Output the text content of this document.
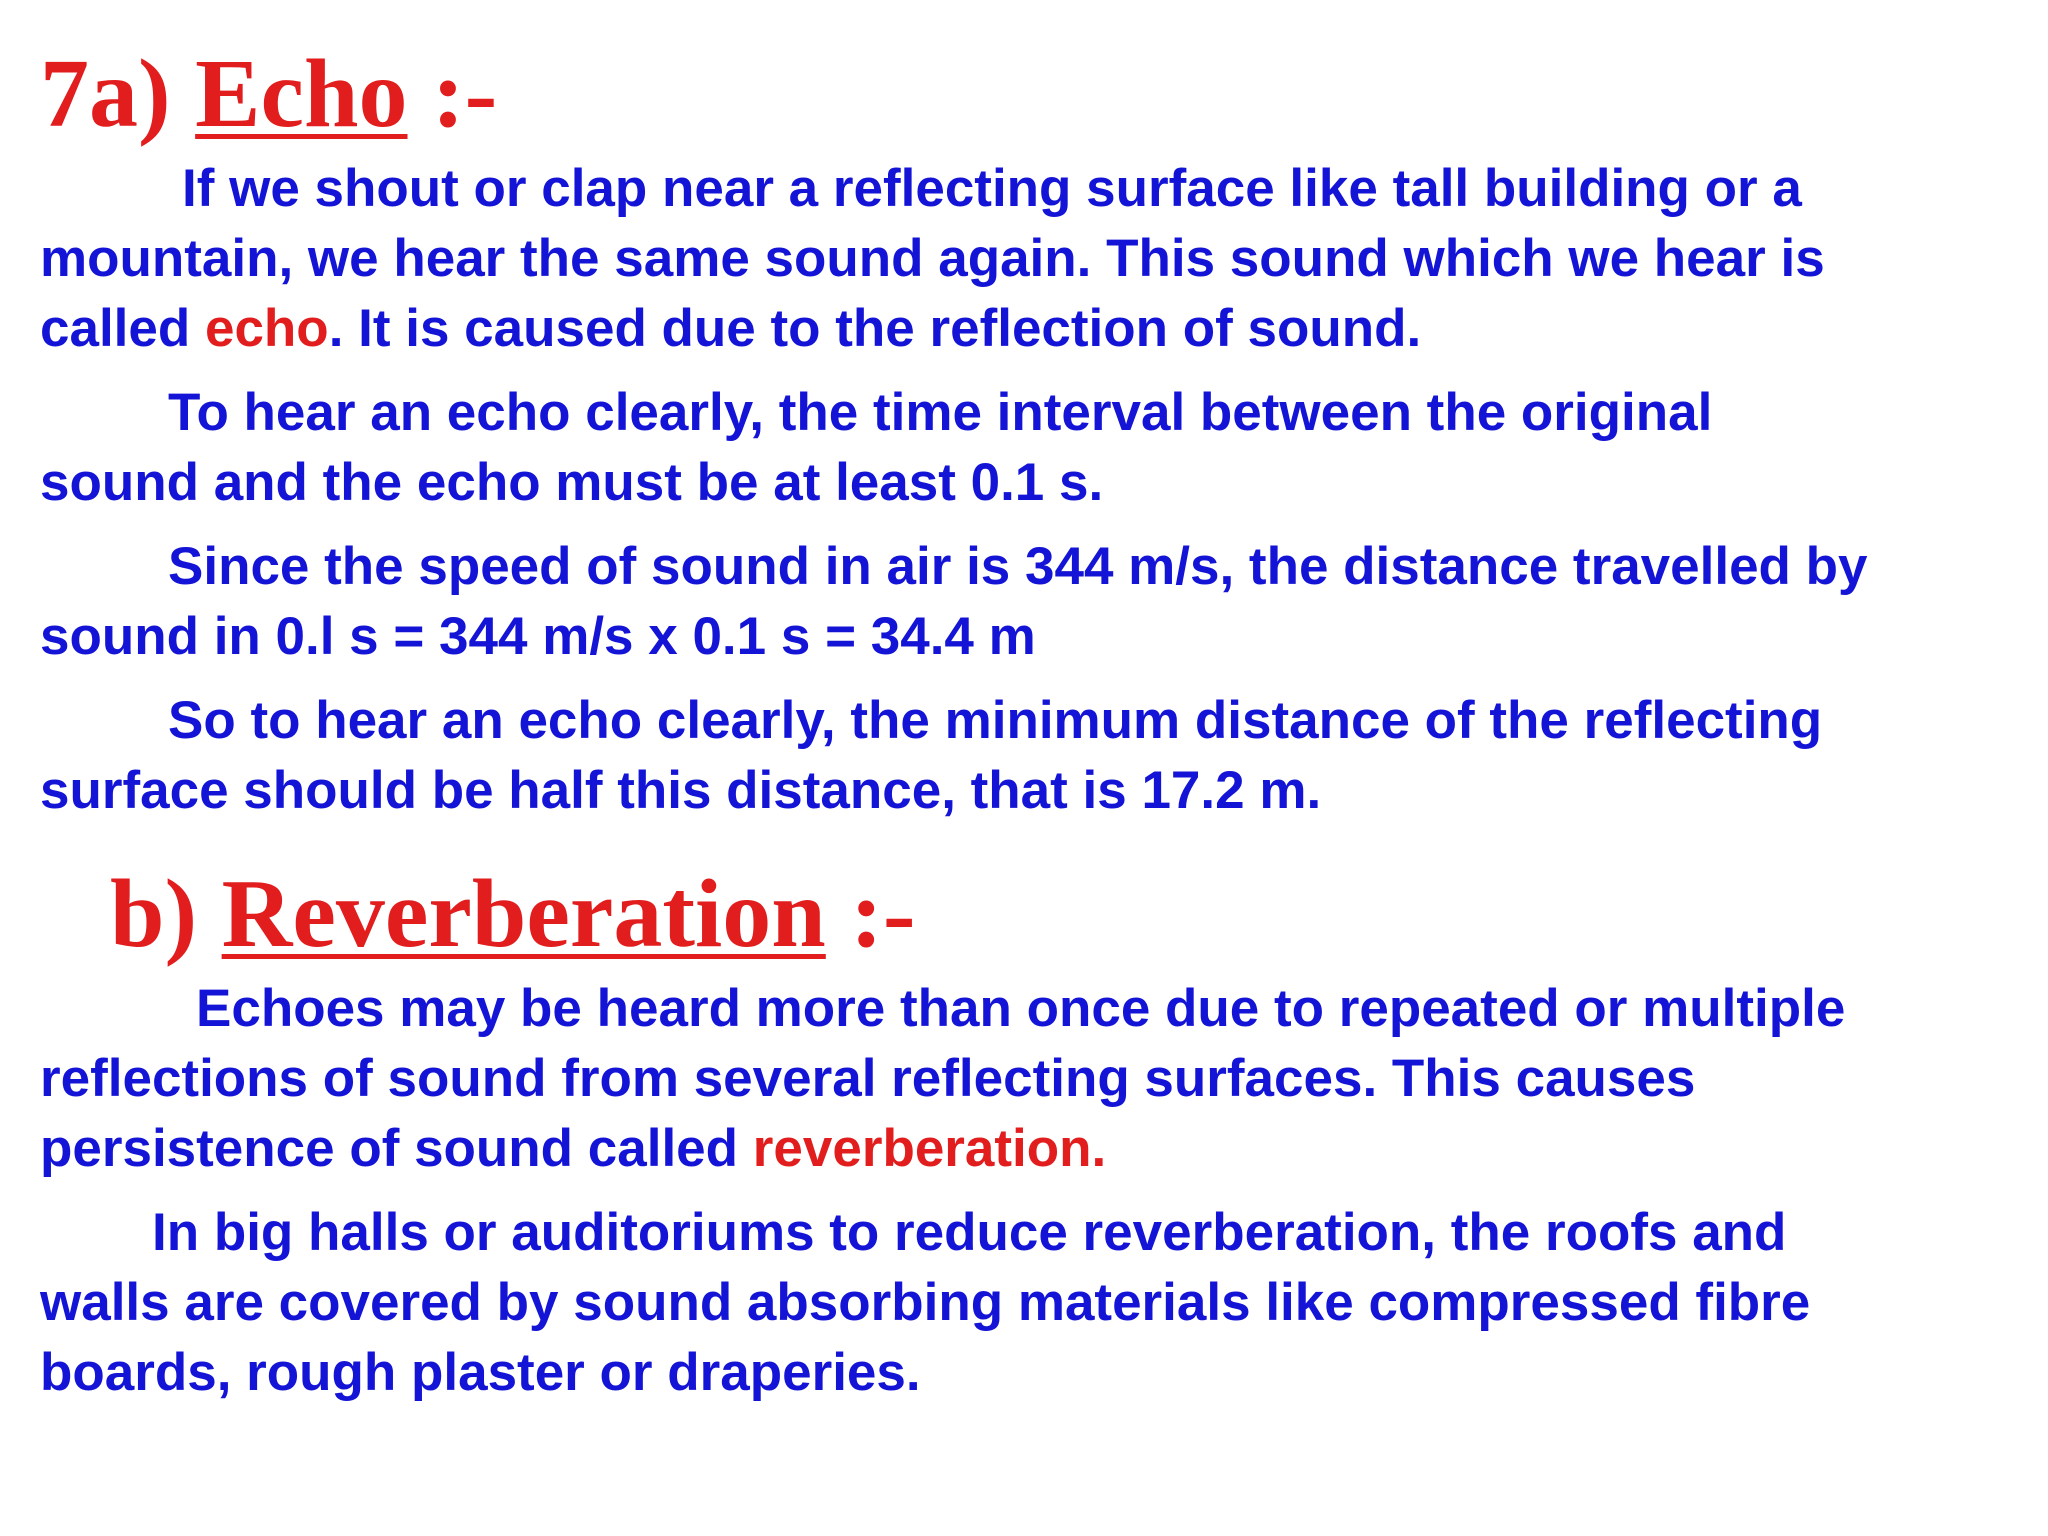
7a) Echo :-

If we shout or clap near a reflecting surface like tall building or a
mountain, we hear the same sound again. This sound which we hear is
called echo. It is caused due to the reflection of sound.

To hear an echo clearly, the time interval between the original
sound and the echo must be at least 0.1 s.

Since the speed of sound in air is 344 m/s, the distance travelled by
sound in 0.l s = 344 m/s x 0.1 s = 34.4 m

So to hear an echo clearly, the minimum distance of the reflecting
surface should be half this distance, that is 17.2 m.

b) Reverberation :-

Echoes may be heard more than once due to repeated or multiple
reflections of sound from several reflecting surfaces. This causes
persistence of sound called reverberation.

In big halls or auditoriums to reduce reverberation, the roofs and
walls are covered by sound absorbing materials like compressed fibre
boards, rough plaster or draperies.
